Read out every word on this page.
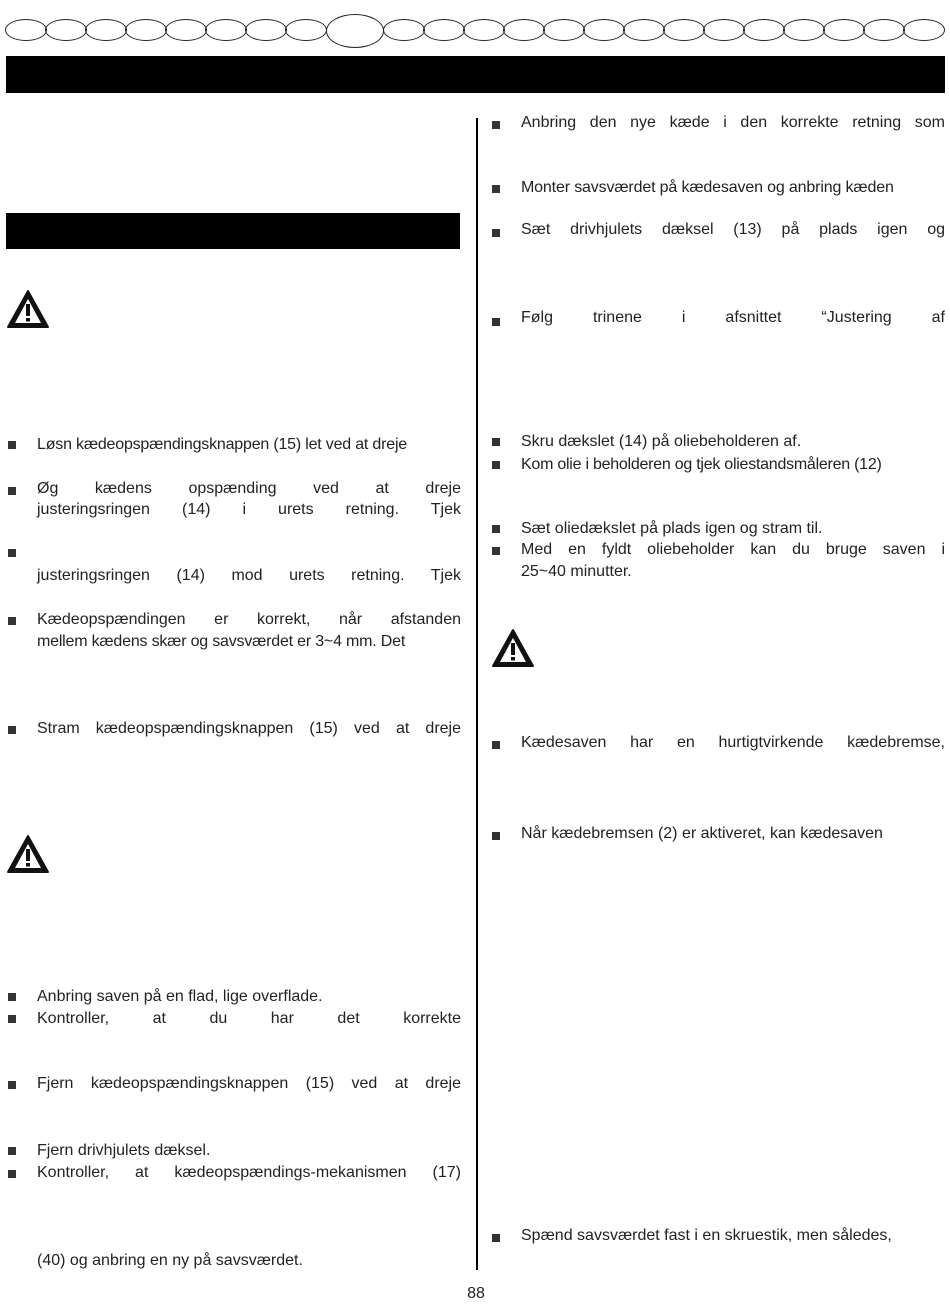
Løsn kædeopspændingsknappen (15) let ved at dreje
Øg kædens opspænding ved at dreje
justeringsringen (14) i urets retning. Tjek
justeringsringen (14) mod urets retning. Tjek
Kædeopspændingen er korrekt, når afstanden
mellem kædens skær og savsværdet er 3~4 mm. Det
Stram kædeopspændingsknappen (15) ved at dreje
Anbring saven på en flad, lige overflade.
Kontroller, at du har det korrekte
Fjern kædeopspændingsknappen (15) ved at dreje
Fjern drivhjulets dæksel.
Kontroller, at kædeopspændings-mekanismen (17)
(40) og anbring en ny på savsværdet.
Anbring den nye kæde i den korrekte retning som
Monter savsværdet på kædesaven og anbring kæden
Sæt drivhjulets dæksel (13) på plads igen og
Følg trinene i afsnittet “Justering af
Skru dækslet (14) på oliebeholderen af.
Kom olie i beholderen og tjek oliestandsmåleren (12)
Sæt oliedækslet på plads igen og stram til.
Med en fyldt oliebeholder kan du bruge saven i
25~40 minutter.
Kædesaven har en hurtigtvirkende kædebremse,
Når kædebremsen (2) er aktiveret, kan kædesaven
Spænd savsværdet fast i en skruestik, men således,
88
